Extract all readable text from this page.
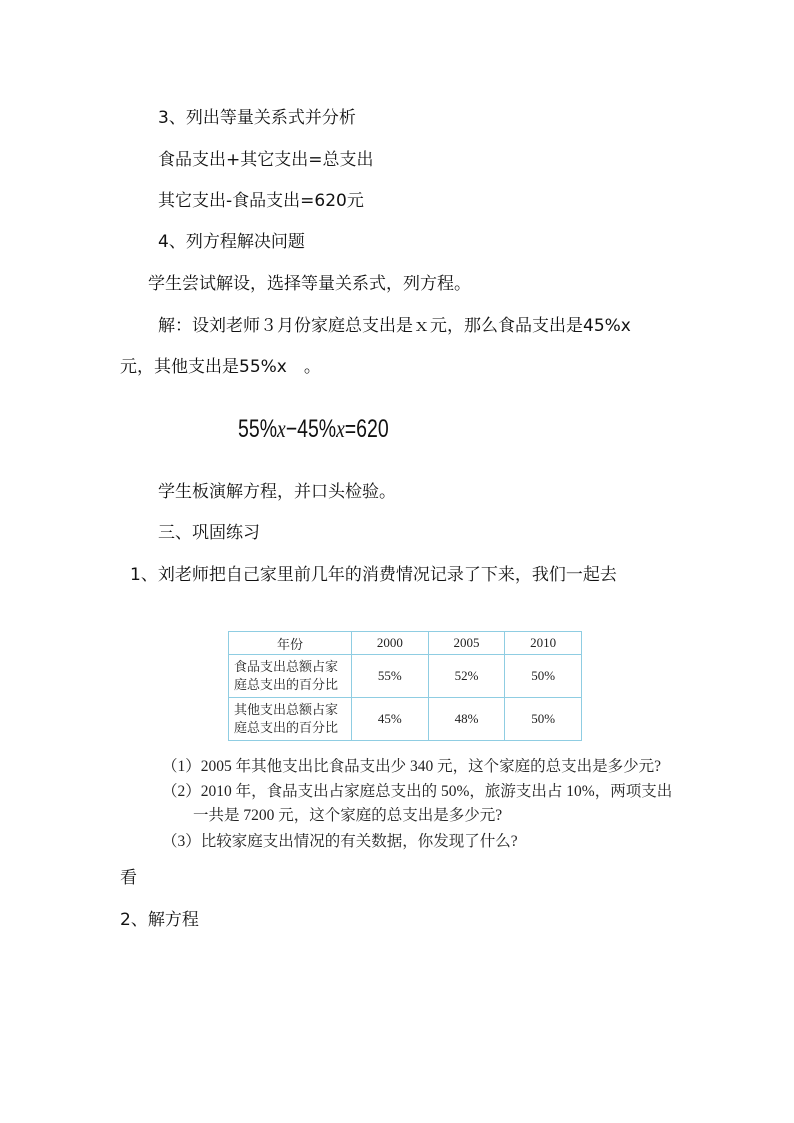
3、列出等量关系式并分析
食品支出+其它支出=总支出
其它支出-食品支出=620元
4、列方程解决问题
学生尝试解设，选择等量关系式，列方程。
解：设刘老师３月份家庭总支出是ｘ元，那么食品支出是45%x
元，其他支出是55%x　。
55%x−45%x=620
学生板演解方程，并口头检验。
三、巩固练习
1、刘老师把自己家里前几年的消费情况记录了下来，我们一起去
年份	2000	2005	2010
食品支出总额占家庭总支出的百分比	55%	52%	50%
其他支出总额占家庭总支出的百分比	45%	48%	50%
（1）2005 年其他支出比食品支出少 340 元，这个家庭的总支出是多少元?
（2）2010 年，食品支出占家庭总支出的 50%，旅游支出占 10%，两项支出
一共是 7200 元，这个家庭的总支出是多少元?
（3）比较家庭支出情况的有关数据，你发现了什么?
看
2、解方程
